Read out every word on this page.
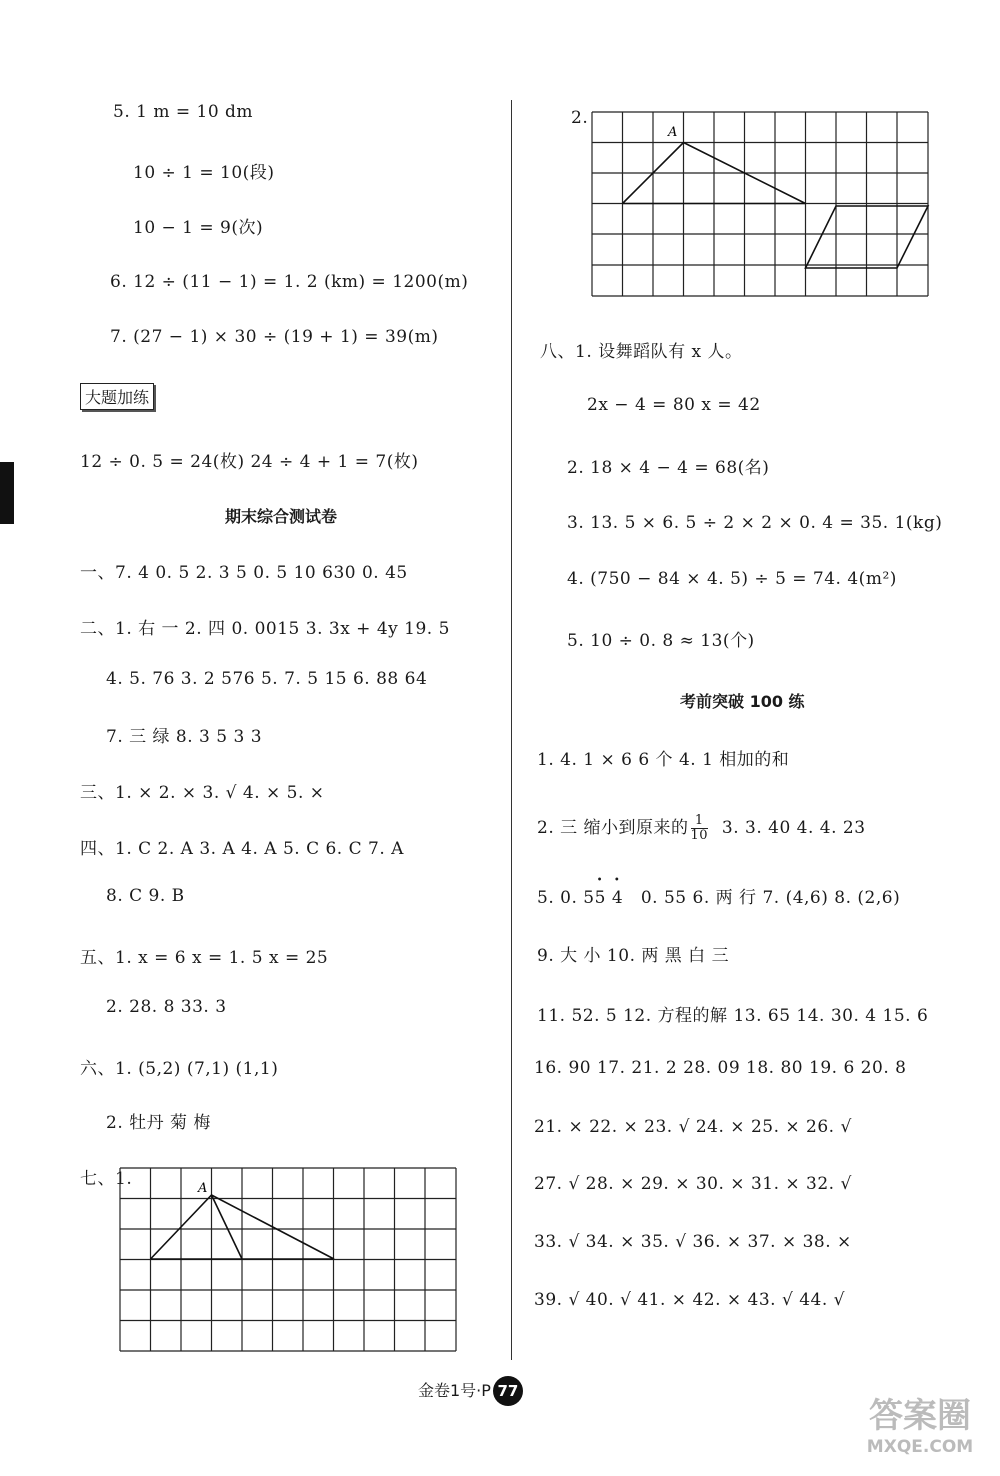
5. 1 m = 10 dm
10 ÷ 1 = 10(段)
10 − 1 = 9(次)
6. 12 ÷ (11 − 1) = 1. 2 (km) = 1200(m)
7. (27 − 1) × 30 ÷ (19 + 1) = 39(m)
大题加练
12 ÷ 0. 5 = 24(枚) 24 ÷ 4 + 1 = 7(枚)
期末综合测试卷
一、7. 4 0. 5 2. 3 5 0. 5 10 630 0. 45
二、1. 右 一 2. 四 0. 0015 3. 3x + 4y 19. 5
4. 5. 76 3. 2 576 5. 7. 5 15 6. 88 64
7. 三 绿 8. 3 5 3 3
三、1. × 2. × 3. √ 4. × 5. ×
四、1. C 2. A 3. A 4. A 5. C 6. C 7. A
8. C 9. B
五、1. x = 6 x = 1. 5 x = 25
2. 28. 8 33. 3
六、1. (5,2) (7,1) (1,1)
2. 牡丹 菊 梅
七、1.	A
2.
A
八、1. 设舞蹈队有 x 人。
2x − 4 = 80 x = 42
2. 18 × 4 − 4 = 68(名)
3. 13. 5 × 6. 5 ÷ 2 × 2 × 0. 4 = 35. 1(kg)
4. (750 − 84 × 4. 5) ÷ 5 = 74. 4(m²)
5. 10 ÷ 0. 8 ≈ 13(个)
考前突破 100 练
1. 4. 1 × 6 6 个 4. 1 相加的和
2. 三 缩小到原来的 $\frac{1}{10} 3$. 3. 40 4. 4. 23
5. 0. 5• 5 • 4 0. 55 6. 两 行 7. (4,6) 8. (2,6)
9. 大 小 10. 两 黑 白 三
11. 52. 5 12. 方程的解 13. 65 14. 30. 4 15. 6
16. 90 17. 21. 2 28. 09 18. 80 19. 6 20. 8
21. × 22. × 23. √ 24. × 25. × 26. √
27. √ 28. × 29. × 30. × 31. × 32. √
33. √ 34. × 35. √ 36. × 37. × 38. ×
39. √ 40. √ 41. × 42. × 43. √ 44. √
金卷1号·P 77
答案圈
MXQE.COM
